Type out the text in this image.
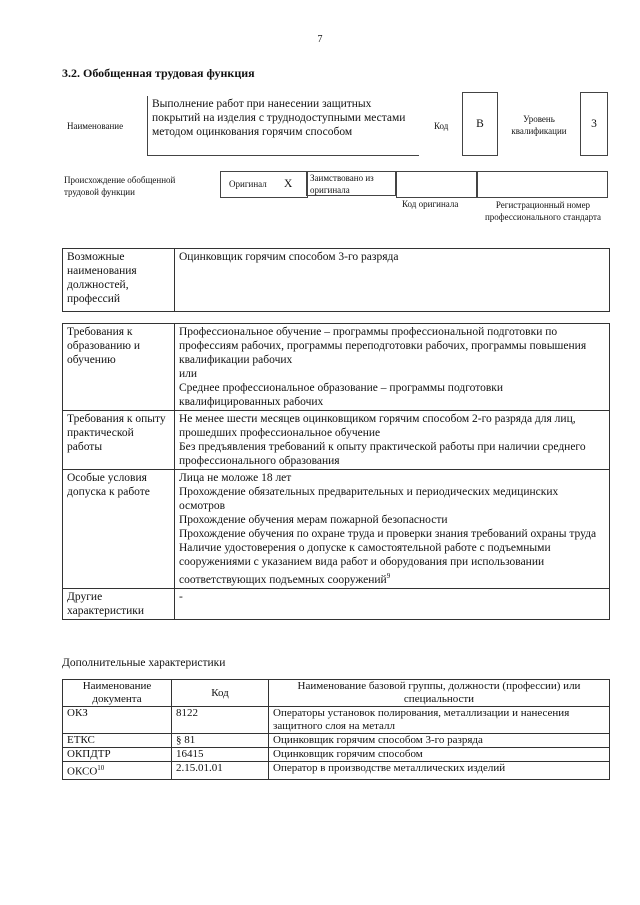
7
3.2. Обобщенная трудовая функция
Наименование
Выполнение работ при нанесении защитных покрытий на изделия с труднодоступными местами методом оцинкования горячим способом	Код	B	Уровень квалификации
3
Происхождение обобщенной трудовой функции
Оригинал X	Заимствовано из оригинала
Код оригинала	Регистрационный номер профессионального стандарта
Возможные наименования должностей, профессий	Оцинковщик горячим способом 3-го разряда
Требования к образованию и обучению	Профессиональное обучение – программы профессиональной подготовки по профессиям рабочих, программы переподготовки рабочих, программы повышения квалификации рабочих
или
Среднее профессиональное образование – программы подготовки квалифицированных рабочих

Требования к опыту практической работы	Не менее шести месяцев оцинковщиком горячим способом 2-го разряда для лиц, прошедших профессиональное обучение
Без предъявления требований к опыту практической работы при наличии среднего профессионального образования

Особые условия допуска к работе	Лица не моложе 18 лет
Прохождение обязательных предварительных и периодических медицинских осмотров
Прохождение обучения мерам пожарной безопасности
Прохождение обучения по охране труда и проверки знания требований охраны труда
Наличие удостоверения о допуске к самостоятельной работе с подъемными сооружениями с указанием вида работ и оборудования при использовании соответствующих подъемных сооружений$^9$

Другие характеристики	-
Дополнительные характеристики
Наименование документа	Код	Наименование базовой группы, должности (профессии) или специальности
ОКЗ	8122	Операторы установок полирования, металлизации и нанесения защитного слоя на металл
ЕТКС	§ 81	Оцинковщик горячим способом 3-го разряда
ОКПДТР	16415	Оцинковщик горячим способом
ОКСО$^{10}$	2.15.01.01	Оператор в производстве металлических изделий
